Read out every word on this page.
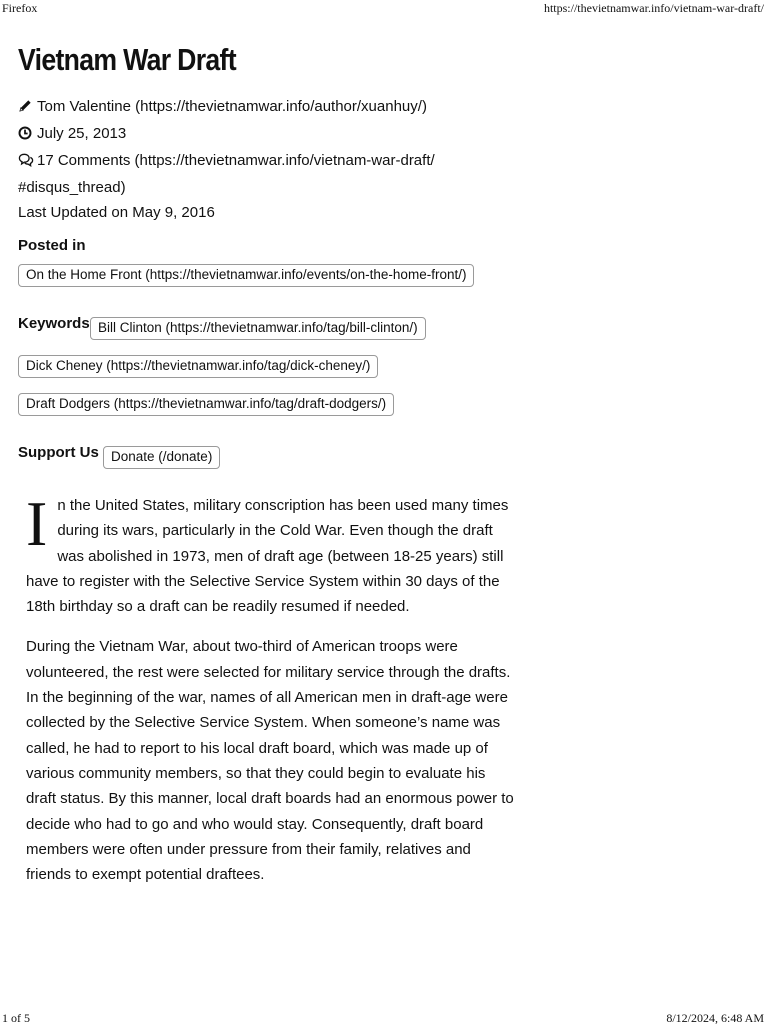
Firefox	https://thevietnamwar.info/vietnam-war-draft/
Vietnam War Draft
Tom Valentine (https://thevietnamwar.info/author/xuanhuy/)
July 25, 2013
17 Comments (https://thevietnamwar.info/vietnam-war-draft/
#disqus_thread)
Last Updated on May 9, 2016
Posted in
On the Home Front (https://thevietnamwar.info/events/on-the-home-front/)
Keywords Bill Clinton (https://thevietnamwar.info/tag/bill-clinton/)
Dick Cheney (https://thevietnamwar.info/tag/dick-cheney/)
Draft Dodgers (https://thevietnamwar.info/tag/draft-dodgers/)
Support Us Donate (/donate)

In the United States, military conscription has been used many times during its wars, particularly in the Cold War. Even though the draft was abolished in 1973, men of draft age (between 18-25 years) still have to register with the Selective Service System within 30 days of the 18th birthday so a draft can be readily resumed if needed.

During the Vietnam War, about two-third of American troops were volunteered, the rest were selected for military service through the drafts. In the beginning of the war, names of all American men in draft-age were collected by the Selective Service System. When someone’s name was called, he had to report to his local draft board, which was made up of various community members, so that they could begin to evaluate his draft status. By this manner, local draft boards had an enormous power to decide who had to go and who would stay. Consequently, draft board members were often under pressure from their family, relatives and friends to exempt potential draftees.

1 of 5	8/12/2024, 6:48 AM
